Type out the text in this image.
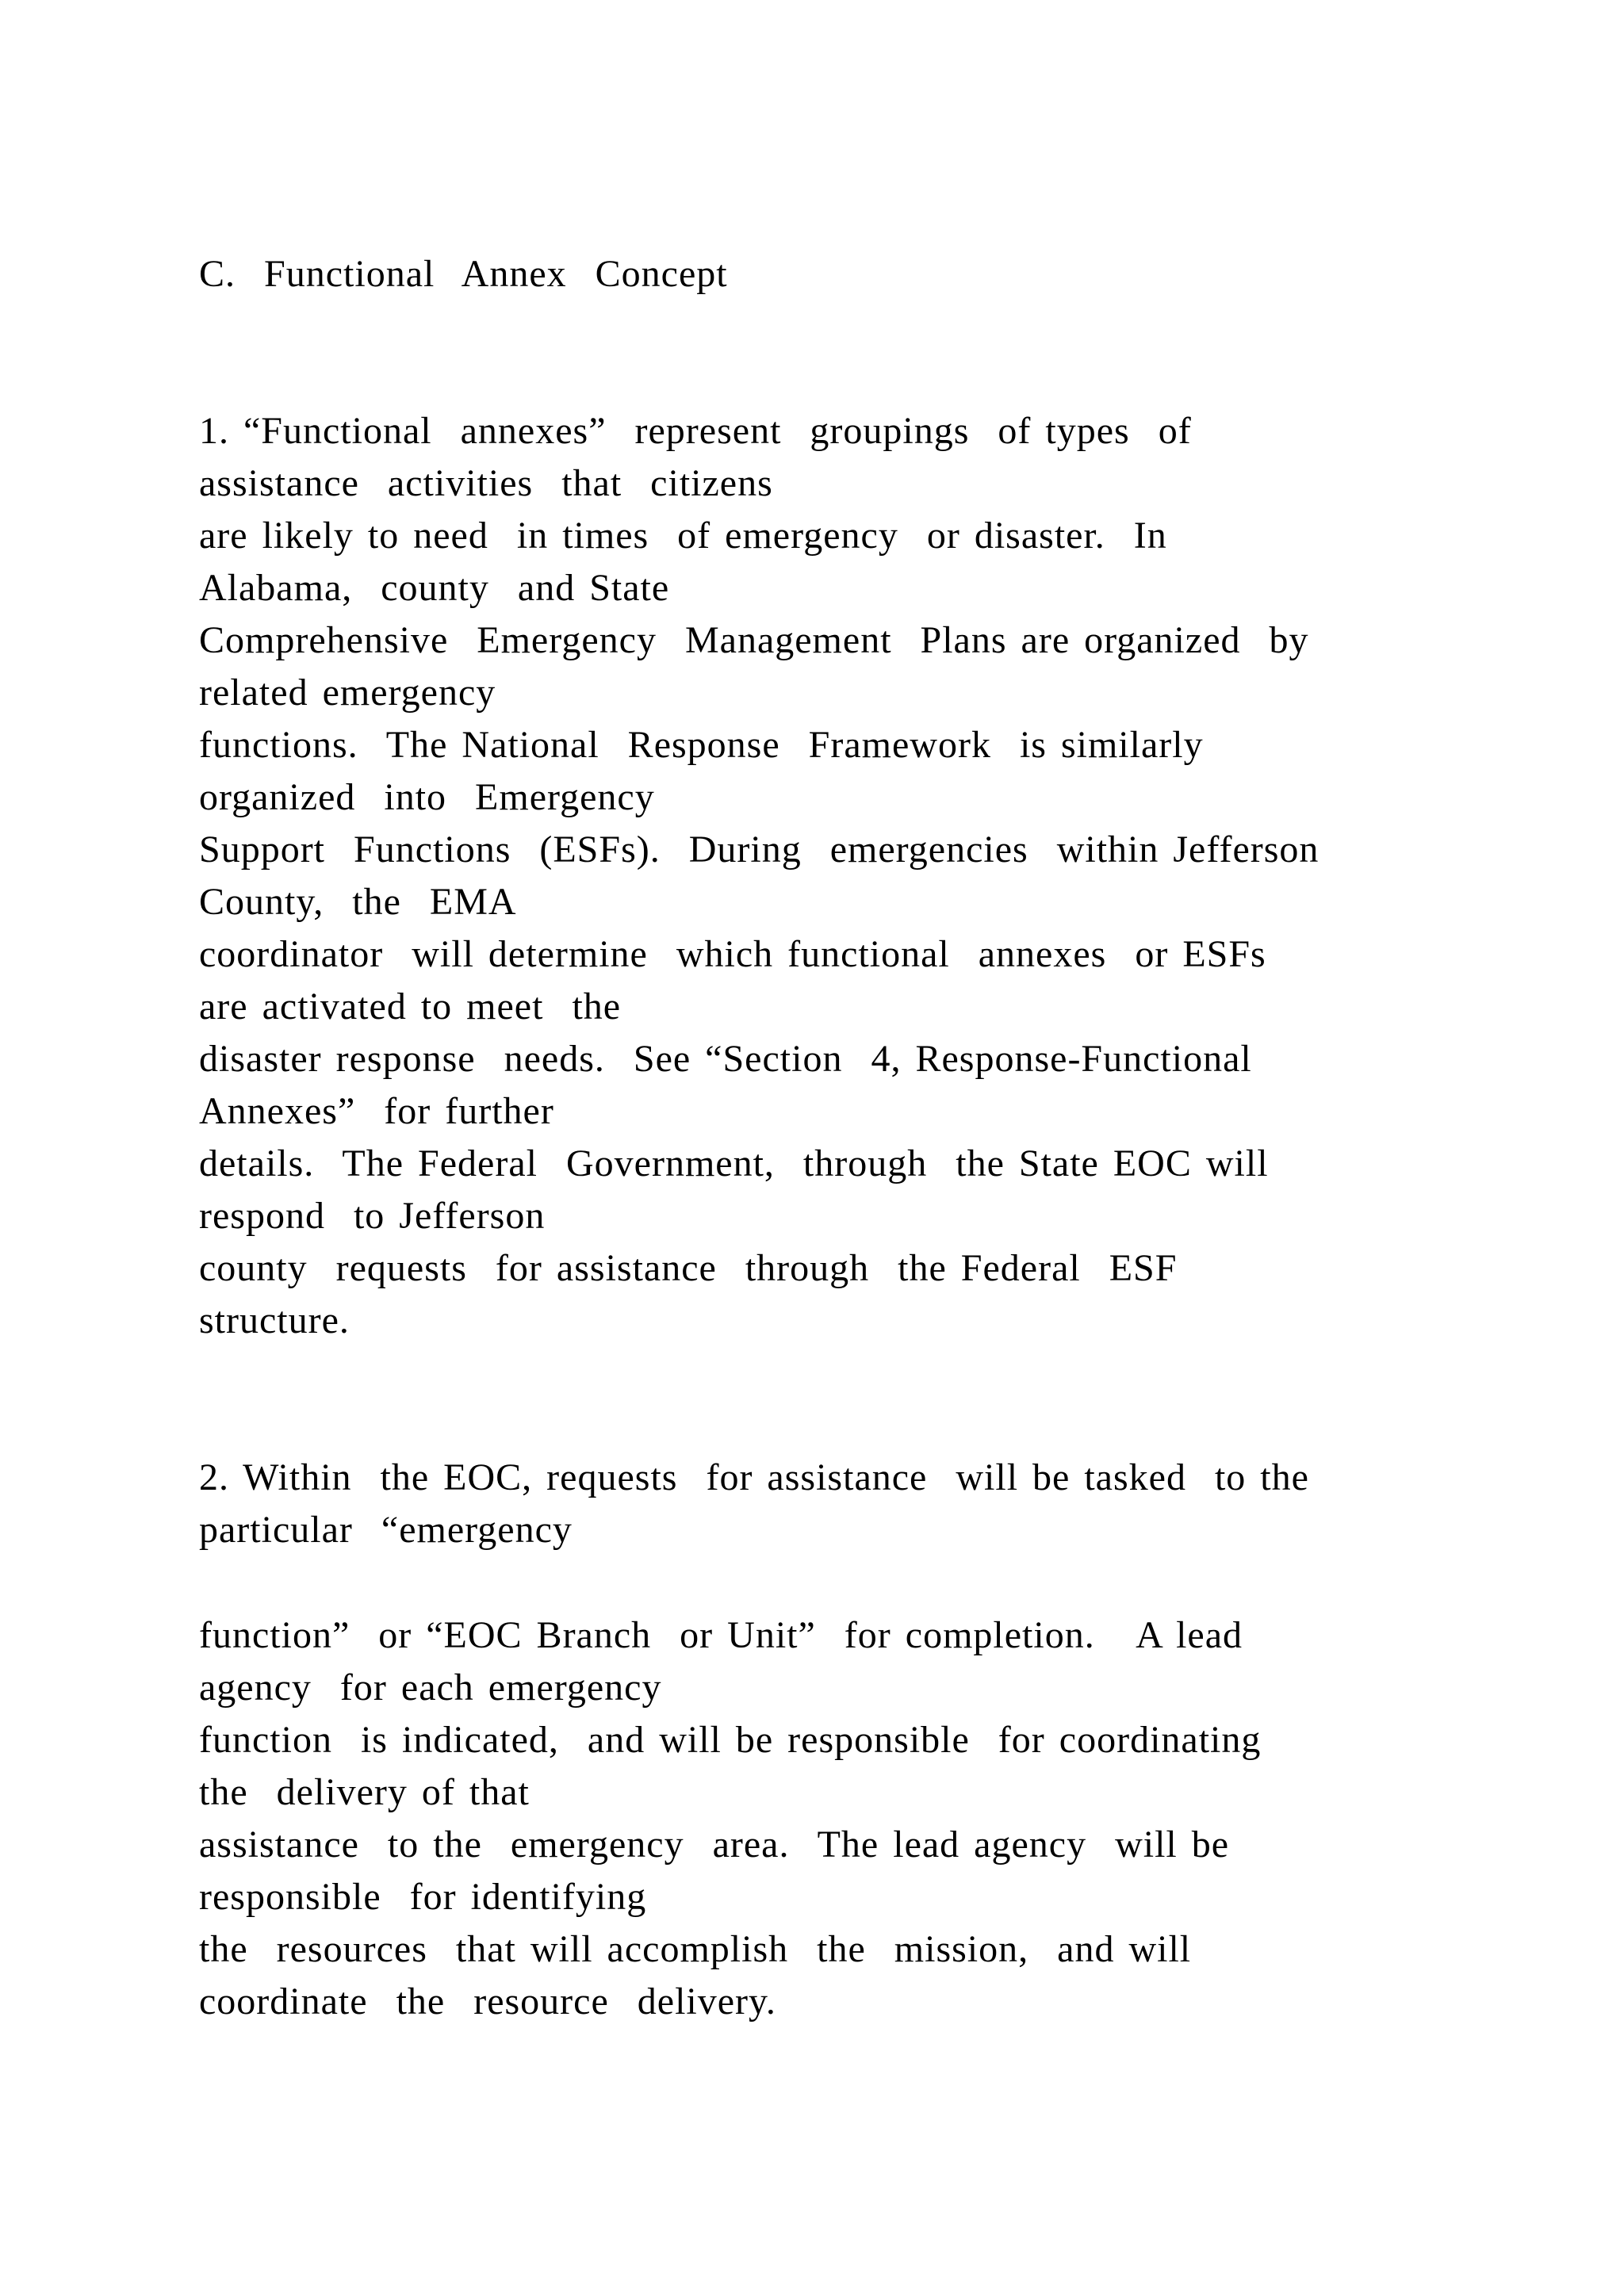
C.  Functional  Annex  Concept

1. “Functional  annexes”  represent  groupings  of types  of

assistance  activities  that  citizens

are likely to need  in times  of emergency  or disaster.  In

Alabama,  county  and State

Comprehensive  Emergency  Management  Plans are organized  by

related emergency

functions.  The National  Response  Framework  is similarly

organized  into  Emergency

Support  Functions  (ESFs).  During  emergencies  within Jefferson

County,  the  EMA

coordinator  will determine  which functional  annexes  or ESFs

are activated to meet  the

disaster response  needs.  See “Section  4, Response-Functional

Annexes”  for further

details.  The Federal  Government,  through  the State EOC will

respond  to Jefferson

county  requests  for assistance  through  the Federal  ESF

structure.

2. Within  the EOC, requests  for assistance  will be tasked  to the

particular  “emergency

function”  or “EOC Branch  or Unit”  for completion.   A lead

agency  for each emergency

function  is indicated,  and will be responsible  for coordinating

the  delivery of that

assistance  to the  emergency  area.  The lead agency  will be

responsible  for identifying

the  resources  that will accomplish  the  mission,  and will

coordinate  the  resource  delivery.
